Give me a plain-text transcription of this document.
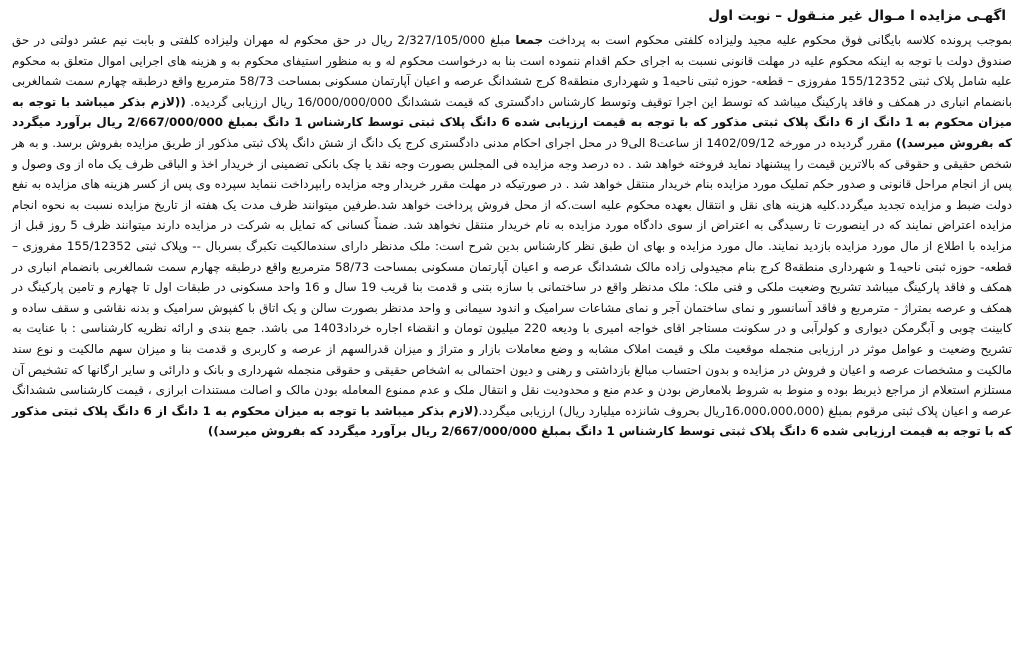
اگهـی مزایده ا مـوال غیر منـقول – نوبت اول

بموجب پرونده کلاسه بایگانی فوق محکوم علیه مجید ولیزاده کلفتی محکوم است به پرداخت جمعا مبلغ 2/327/105/000 ریال در حق محکوم له مهران ولیزاده کلفتی و بابت نیم عشر دولتی در حق صندوق دولت با توجه به اینکه محکوم علیه در مهلت قانونی نسبت به اجرای حکم اقدام ننموده است بنا به درخواست محکوم له و به منظور استیفای محکوم به و هزینه های اجرایی اموال متعلق به محکوم علیه شامل پلاک ثبتی 155/12352 مفروزی – قطعه- حوزه ثبتی ناحیه1 و شهرداری منطقه8 کرج ششدانگ عرصه و اعیان آپارتمان مسکونی بمساحت 58/73 مترمربع واقع درطبقه چهارم سمت شمالغربی بانضمام انباری در همکف و فاقد پارکینگ میباشد که توسط این اجرا توقیف وتوسط کارشناس دادگستری که قیمت ششدانگ 16/000/000/000 ریال ارزیابی گردیده. ((لازم بذکر میباشد با توجه به میزان محکوم به 1 دانگ از 6 دانگ پلاک ثبتی مذکور که با توجه به قیمت ارزیابی شده 6 دانگ پلاک ثبتی توسط کارشناس 1 دانگ بمبلغ 2/667/000/000 ریال برآورد میگردد که بفروش میرسد)) مقرر گردیده در مورخه 1402/09/12 از ساعت8 الی9 در محل اجرای احکام مدنی دادگستری کرج یک دانگ از شش دانگ پلاک ثبتی مذکور از طریق مزایده بفروش برسد. و به هر شخص حقیقی و حقوقی که بالاترین قیمت را پیشنهاد نماید فروخته خواهد شد . ده درصد وجه مزایده فی المجلس بصورت وجه نقد یا چک بانکی تضمینی از خریدار اخذ و الباقی ظرف یک ماه از وی وصول و پس از انجام مراحل قانونی و صدور حکم تملیک مورد مزایده بنام خریدار منتقل خواهد شد . در صورتیکه در مهلت مقرر خریدار وجه مزایده رابپرداخت ننماید سپرده وی پس از کسر هزینه های مزایده به نفع دولت ضبط و مزایده تجدید میگردد.کلیه هزینه های نقل و انتقال بعهده محکوم علیه است.که از محل فروش پرداخت خواهد شد.طرفین میتوانند ظرف مدت یک هفته از تاریخ مزایده نسبت به نحوه انجام مزایده اعتراض نمایند که در اینصورت تا رسیدگی به اعتراض از سوی دادگاه مورد مزایده به نام خریدار منتقل نخواهد شد. ضمناً کسانی که تمایل به شرکت در مزایده دارند میتوانند ظرف 5 روز قبل از مزایده با اطلاع از مال مورد مزایده بازدید نمایند. مال مورد مزایده و بهای ان طبق نظر کارشناس بدین شرح است: ملک مدنظر دارای سندمالکیت تکبرگ بسربال -- وپلاک ثبتی 155/12352 مفروزی – قطعه- حوزه ثبتی ناحیه1 و شهرداری منطقه8 کرج بنام مجیدولی زاده مالک ششدانگ عرصه و اعیان آپارتمان مسکونی بمساحت 58/73 مترمربع واقع درطبقه چهارم سمت شمالغربی بانضمام انباری در همکف و فاقد پارکینگ میباشد تشریح وضعیت ملکی و فنی ملک: ملک مدنظر واقع در ساختمانی با سازه بتنی و قدمت بنا قریب 19 سال و 16 واحد مسکونی در طبقات اول تا چهارم و تامین پارکینگ در همکف و عرصه بمتراژ - مترمربع و فاقد آسانسور و نمای ساختمان آجر و نمای مشاعات سرامیک و اندود سیمانی و واحد مدنظر بصورت سالن و یک اتاق با کفپوش سرامیک و بدنه نقاشی و سقف ساده و کابینت چوبی و آبگرمکن دیواری و کولرآبی و در سکونت مستاجر اقای خواجه امیری با ودیعه 220 میلیون تومان و انقضاء اجاره خرداد1403 می باشد. جمع بندی و ارائه نظریه کارشناسی : با عنایت به تشریح وضعیت و عوامل موثر در ارزیابی منجمله موقعیت ملک و قیمت املاک مشابه و وضع معاملات بازار و متراژ و میزان قدرالسهم از عرصه و کاربری و قدمت بنا و میزان سهم مالکیت و نوع سند مالکیت و مشخصات عرصه و اعیان و فروش در مزایده و بدون احتساب مبالغ بازداشتی و رهنی و دیون احتمالی به اشخاص حقیقی و حقوقی منجمله شهرداری و بانک و دارائی و سایر ارگانها که تشخیص آن مستلزم استعلام از مراجع ذیربط بوده و منوط به شروط بلامعارض بودن و عدم منع و محدودیت نقل و انتقال ملک و عدم ممنوع المعامله بودن مالک و اصالت مستندات ابرازی ، قیمت کارشناسی ششدانگ عرصه و اعیان پلاک ثبتی مرقوم بمبلغ (16،000،000،000ریال بحروف شانزده میلیارد ریال) ارزیابی میگردد.(لازم بذکر میباشد با توجه به میزان محکوم به 1 دانگ از 6 دانگ پلاک ثبتی مذکور که با توجه به قیمت ارزیابی شده 6 دانگ پلاک ثبتی توسط کارشناس 1 دانگ بمبلغ 2/667/000/000 ریال برآورد میگردد که بفروش میرسد))
